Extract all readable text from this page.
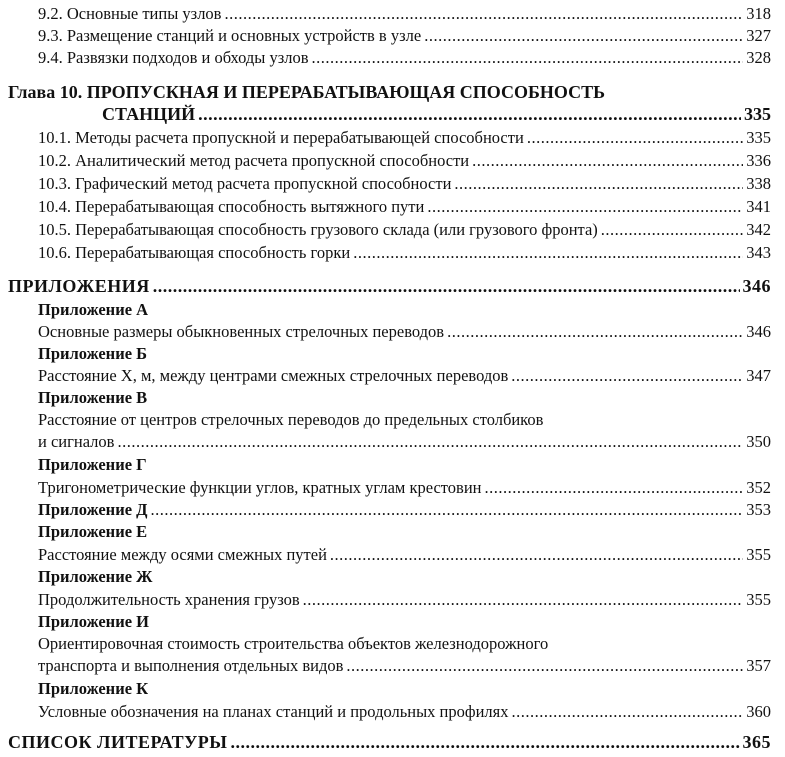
9.2. Основные типы узлов .....	318
9.3. Размещение станций и основных устройств в узле .....	327
9.4. Развязки подходов и обходы узлов .....	328
Глава 10. ПРОПУСКНАЯ И ПЕРЕРАБАТЫВАЮЩАЯ СПОСОБНОСТЬ
СТАНЦИЙ .....	335
10.1. Методы расчета пропускной и перерабатывающей способности .....	335
10.2. Аналитический метод расчета пропускной способности .....	336
10.3. Графический метод расчета пропускной способности .....	338
10.4. Перерабатывающая способность вытяжного пути .....	341
10.5. Перерабатывающая способность грузового склада (или грузового фронта) .....	342
10.6. Перерабатывающая способность горки .....	343
ПРИЛОЖЕНИЯ .....	346
Приложение А
Основные размеры обыкновенных стрелочных переводов .....	346
Приложение Б
Расстояние X, м, между центрами смежных стрелочных переводов .....	347
Приложение В
Расстояние от центров стрелочных переводов до предельных столбиков
и сигналов .....	350
Приложение Г
Тригонометрические функции углов, кратных углам крестовин .....	352
Приложение Д .....	353
Приложение Е
Расстояние между осями смежных путей .....	355
Приложение Ж
Продолжительность хранения грузов .....	355
Приложение И
Ориентировочная стоимость строительства объектов железнодорожного
транспорта и выполнения отдельных видов .....	357
Приложение К
Условные обозначения на планах станций и продольных профилях .....	360
СПИСОК ЛИТЕРАТУРЫ .....	365
